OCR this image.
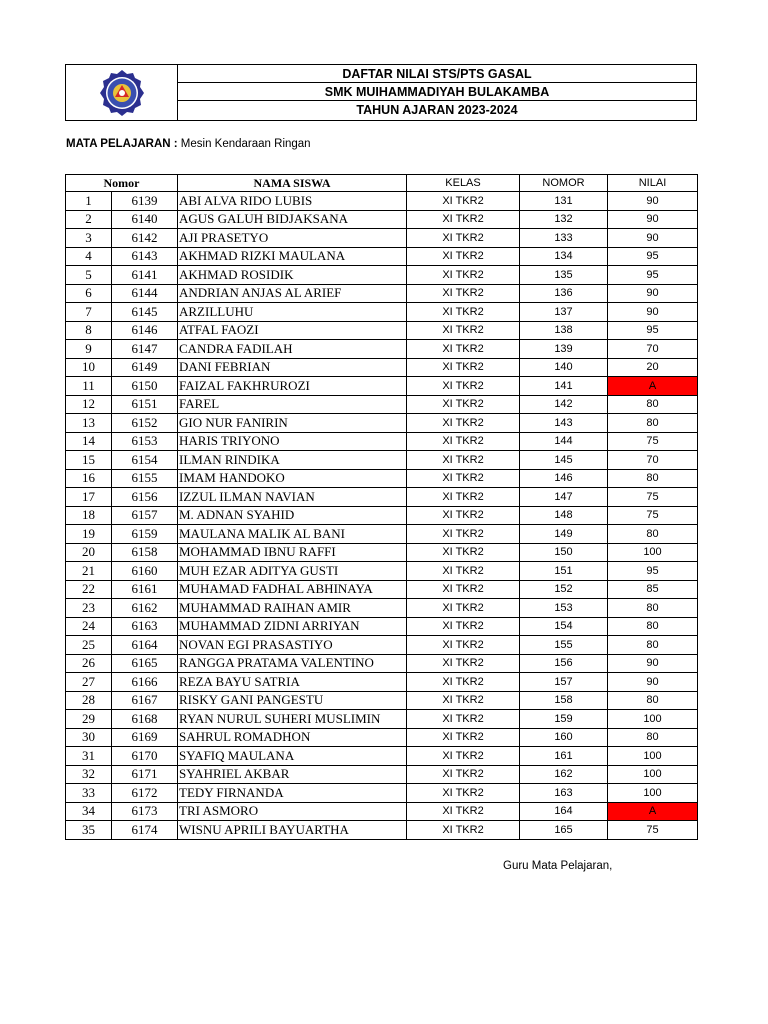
DAFTAR NILAI STS/PTS GASAL
SMK MUIHAMMADIYAH BULAKAMBA
TAHUN AJARAN 2023-2024
MATA PELAJARAN : Mesin Kendaraan Ringan
Nomor		NAMA SISWA	KELAS	NOMOR	NILAI
1	6139	ABI ALVA RIDO LUBIS	XI TKR2	131	90
2	6140	AGUS GALUH BIDJAKSANA	XI TKR2	132	90
3	6142	AJI PRASETYO	XI TKR2	133	90
4	6143	AKHMAD RIZKI MAULANA	XI TKR2	134	95
5	6141	AKHMAD ROSIDIK	XI TKR2	135	95
6	6144	ANDRIAN ANJAS AL ARIEF	XI TKR2	136	90
7	6145	ARZILLUHU	XI TKR2	137	90
8	6146	ATFAL FAOZI	XI TKR2	138	95
9	6147	CANDRA FADILAH	XI TKR2	139	70
10	6149	DANI FEBRIAN	XI TKR2	140	20
11	6150	FAIZAL FAKHRUROZI	XI TKR2	141	A
12	6151	FAREL	XI TKR2	142	80
13	6152	GIO NUR FANIRIN	XI TKR2	143	80
14	6153	HARIS TRIYONO	XI TKR2	144	75
15	6154	ILMAN RINDIKA	XI TKR2	145	70
16	6155	IMAM HANDOKO	XI TKR2	146	80
17	6156	IZZUL ILMAN NAVIAN	XI TKR2	147	75
18	6157	M. ADNAN SYAHID	XI TKR2	148	75
19	6159	MAULANA MALIK AL BANI	XI TKR2	149	80
20	6158	MOHAMMAD IBNU RAFFI	XI TKR2	150	100
21	6160	MUH EZAR ADITYA GUSTI	XI TKR2	151	95
22	6161	MUHAMAD FADHAL ABHINAYA	XI TKR2	152	85
23	6162	MUHAMMAD RAIHAN AMIR	XI TKR2	153	80
24	6163	MUHAMMAD ZIDNI ARRIYAN	XI TKR2	154	80
25	6164	NOVAN EGI PRASASTIYO	XI TKR2	155	80
26	6165	RANGGA PRATAMA VALENTINO	XI TKR2	156	90
27	6166	REZA BAYU SATRIA	XI TKR2	157	90
28	6167	RISKY GANI PANGESTU	XI TKR2	158	80
29	6168	RYAN NURUL SUHERI MUSLIMIN	XI TKR2	159	100
30	6169	SAHRUL ROMADHON	XI TKR2	160	80
31	6170	SYAFIQ MAULANA	XI TKR2	161	100
32	6171	SYAHRIEL AKBAR	XI TKR2	162	100
33	6172	TEDY FIRNANDA	XI TKR2	163	100
34	6173	TRI ASMORO	XI TKR2	164	A
35	6174	WISNU APRILI BAYUARTHA	XI TKR2	165	75
Guru Mata Pelajaran,
